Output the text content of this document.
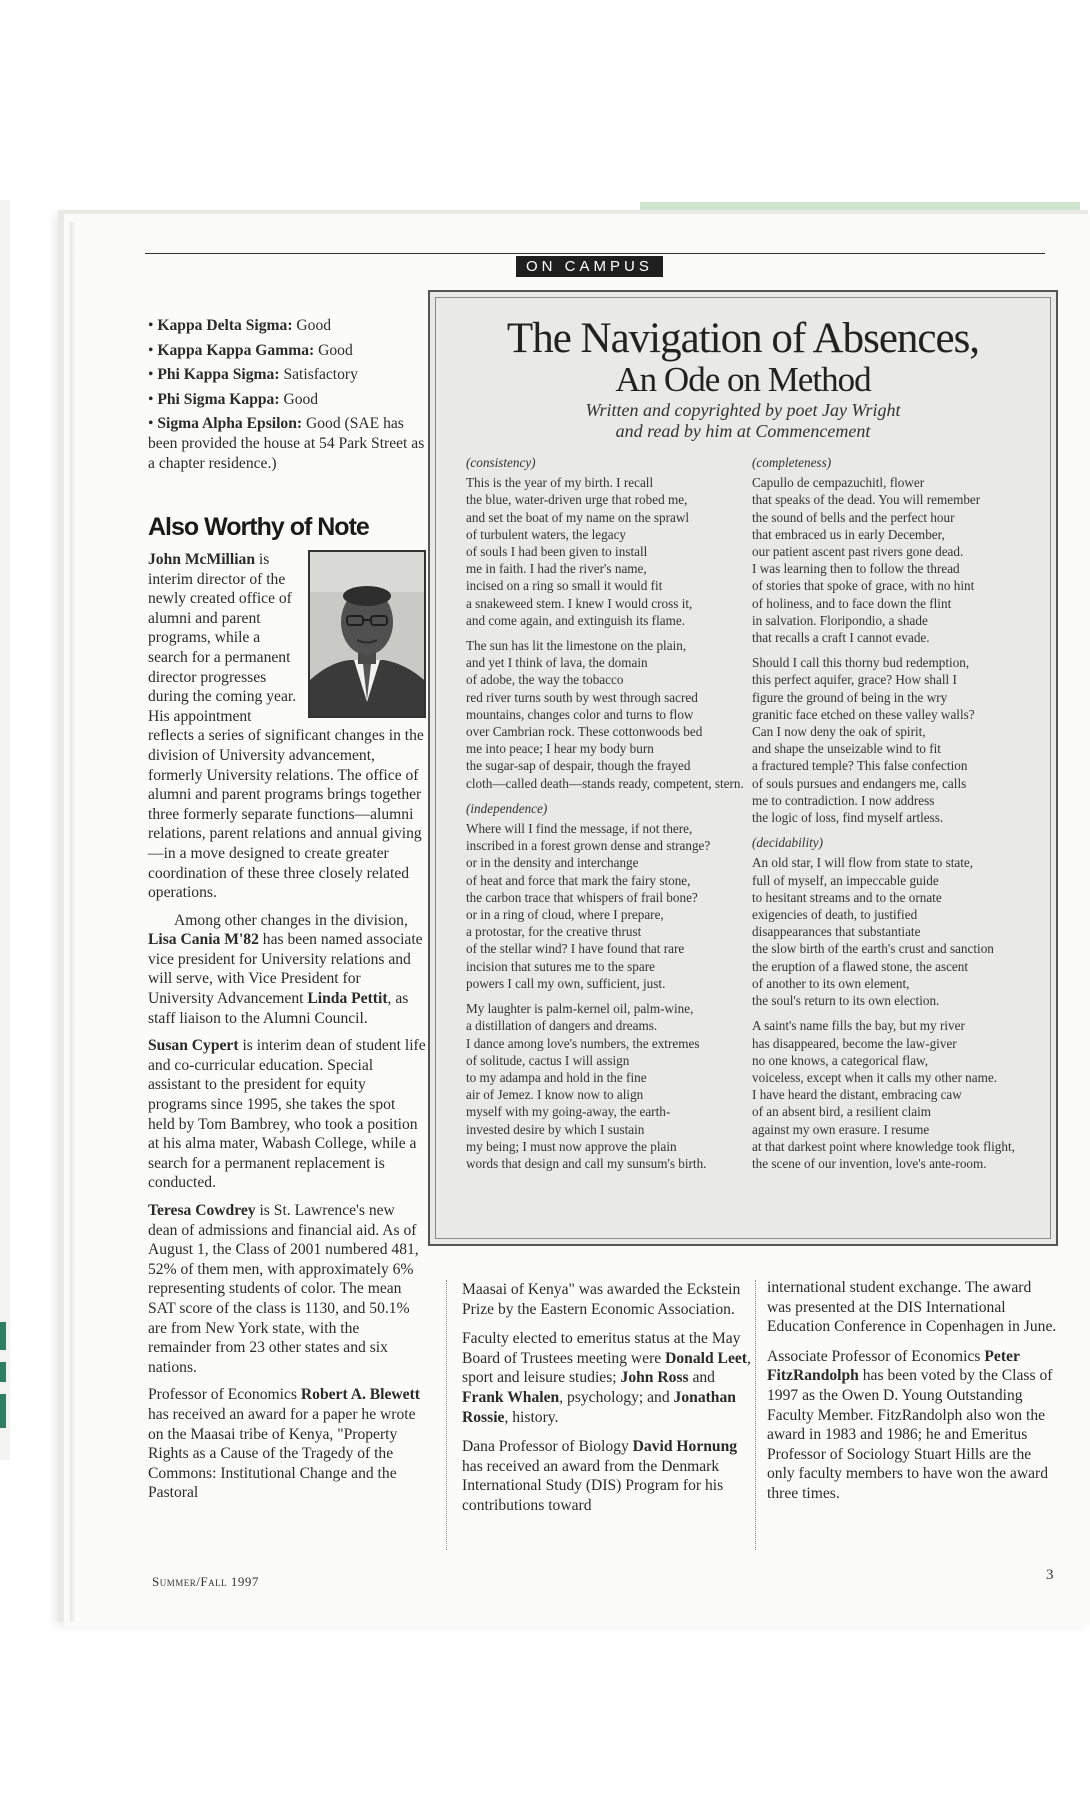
ON CAMPUS
• Kappa Delta Sigma: Good
• Kappa Kappa Gamma: Good
• Phi Kappa Sigma: Satisfactory
• Phi Sigma Kappa: Good
• Sigma Alpha Epsilon: Good (SAE has been provided the house at 54 Park Street as a chapter residence.)
Also Worthy of Note

John McMillian is interim director of the newly created office of alumni and parent programs, while a search for a permanent director progresses during the coming year. His appointment reflects a series of significant changes in the division of University advancement, formerly University relations. The office of alumni and parent programs brings together three formerly separate functions—alumni relations, parent relations and annual giving—in a move designed to create greater coordination of these three closely related operations.

Among other changes in the division, Lisa Cania M'82 has been named associate vice president for University relations and will serve, with Vice President for University Advancement Linda Pettit, as staff liaison to the Alumni Council.

Susan Cypert is interim dean of student life and co-curricular education. Special assistant to the president for equity programs since 1995, she takes the spot held by Tom Bambrey, who took a position at his alma mater, Wabash College, while a search for a permanent replacement is conducted.

Teresa Cowdrey is St. Lawrence's new dean of admissions and financial aid. As of August 1, the Class of 2001 numbered 481, 52% of them men, with approximately 6% representing students of color. The mean SAT score of the class is 1130, and 50.1% are from New York state, with the remainder from 23 other states and six nations.

Professor of Economics Robert A. Blewett has received an award for a paper he wrote on the Maasai tribe of Kenya, "Property Rights as a Cause of the Tragedy of the Commons: Institutional Change and the Pastoral

The Navigation of Absences,
An Ode on Method
Written and copyrighted by poet Jay Wright
and read by him at Commencement
(consistency)
This is the year of my birth. I recall
the blue, water-driven urge that robed me,
and set the boat of my name on the sprawl
of turbulent waters, the legacy
of souls I had been given to install
me in faith. I had the river's name,
incised on a ring so small it would fit
a snakeweed stem. I knew I would cross it,
and come again, and extinguish its flame.
The sun has lit the limestone on the plain,
and yet I think of lava, the domain
of adobe, the way the tobacco
red river turns south by west through sacred
mountains, changes color and turns to flow
over Cambrian rock. These cottonwoods bed
me into peace; I hear my body burn
the sugar-sap of despair, though the frayed
cloth—called death—stands ready, competent, stern.
(independence)
Where will I find the message, if not there,
inscribed in a forest grown dense and strange?
or in the density and interchange
of heat and force that mark the fairy stone,
the carbon trace that whispers of frail bone?
or in a ring of cloud, where I prepare,
a protostar, for the creative thrust
of the stellar wind? I have found that rare
incision that sutures me to the spare
powers I call my own, sufficient, just.
My laughter is palm-kernel oil, palm-wine,
a distillation of dangers and dreams.
I dance among love's numbers, the extremes
of solitude, cactus I will assign
to my adampa and hold in the fine
air of Jemez. I know now to align
myself with my going-away, the earth-
invested desire by which I sustain
my being; I must now approve the plain
words that design and call my sunsum's birth.
(completeness)
Capullo de cempazuchitl, flower
that speaks of the dead. You will remember
the sound of bells and the perfect hour
that embraced us in early December,
our patient ascent past rivers gone dead.
I was learning then to follow the thread
of stories that spoke of grace, with no hint
of holiness, and to face down the flint
in salvation. Floripondio, a shade
that recalls a craft I cannot evade.
Should I call this thorny bud redemption,
this perfect aquifer, grace? How shall I
figure the ground of being in the wry
granitic face etched on these valley walls?
Can I now deny the oak of spirit,
and shape the unseizable wind to fit
a fractured temple? This false confection
of souls pursues and endangers me, calls
me to contradiction. I now address
the logic of loss, find myself artless.
(decidability)
An old star, I will flow from state to state,
full of myself, an impeccable guide
to hesitant streams and to the ornate
exigencies of death, to justified
disappearances that substantiate
the slow birth of the earth's crust and sanction
the eruption of a flawed stone, the ascent
of another to its own element,
the soul's return to its own election.
A saint's name fills the bay, but my river
has disappeared, become the law-giver
no one knows, a categorical flaw,
voiceless, except when it calls my other name.
I have heard the distant, embracing caw
of an absent bird, a resilient claim
against my own erasure. I resume
at that darkest point where knowledge took flight,
the scene of our invention, love's ante-room.

Maasai of Kenya" was awarded the Eckstein Prize by the Eastern Economic Association.

Faculty elected to emeritus status at the May Board of Trustees meeting were Donald Leet, sport and leisure studies; John Ross and Frank Whalen, psychology; and Jonathan Rossie, history.

Dana Professor of Biology David Hornung has received an award from the Denmark International Study (DIS) Program for his contributions toward

international student exchange. The award was presented at the DIS International Education Conference in Copenhagen in June.

Associate Professor of Economics Peter FitzRandolph has been voted by the Class of 1997 as the Owen D. Young Outstanding Faculty Member. FitzRandolph also won the award in 1983 and 1986; he and Emeritus Professor of Sociology Stuart Hills are the only faculty members to have won the award three times.

Summer/Fall 1997	3
